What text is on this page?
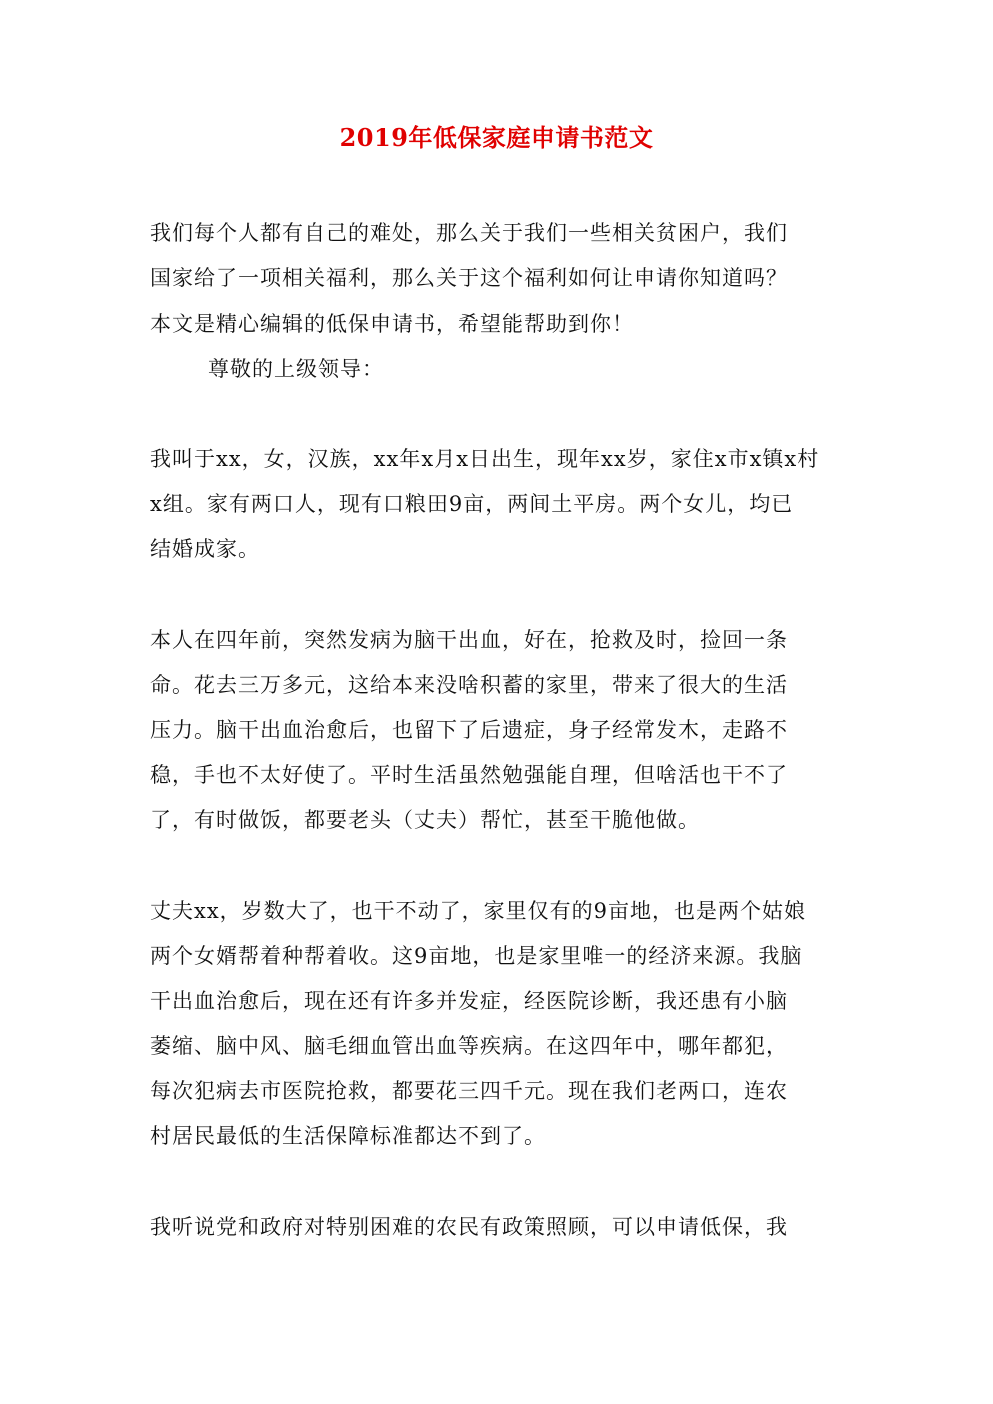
2019年低保家庭申请书范文
我们每个人都有自己的难处，那么关于我们一些相关贫困户，我们
国家给了一项相关福利，那么关于这个福利如何让申请你知道吗？
本文是精心编辑的低保申请书，希望能帮助到你！
尊敬的上级领导：
我叫于xx，女，汉族，xx年x月x日出生，现年xx岁，家住x市x镇x村
x组。家有两口人，现有口粮田9亩，两间土平房。两个女儿，均已
结婚成家。
本人在四年前，突然发病为脑干出血，好在，抢救及时，捡回一条
命。花去三万多元，这给本来没啥积蓄的家里，带来了很大的生活
压力。脑干出血治愈后，也留下了后遗症，身子经常发木，走路不
稳，手也不太好使了。平时生活虽然勉强能自理，但啥活也干不了
了，有时做饭，都要老头（丈夫）帮忙，甚至干脆他做。
丈夫xx，岁数大了，也干不动了，家里仅有的9亩地，也是两个姑娘
两个女婿帮着种帮着收。这9亩地，也是家里唯一的经济来源。我脑
干出血治愈后，现在还有许多并发症，经医院诊断，我还患有小脑
萎缩、脑中风、脑毛细血管出血等疾病。在这四年中，哪年都犯，
每次犯病去市医院抢救，都要花三四千元。现在我们老两口，连农
村居民最低的生活保障标准都达不到了。
我听说党和政府对特别困难的农民有政策照顾，可以申请低保，我
